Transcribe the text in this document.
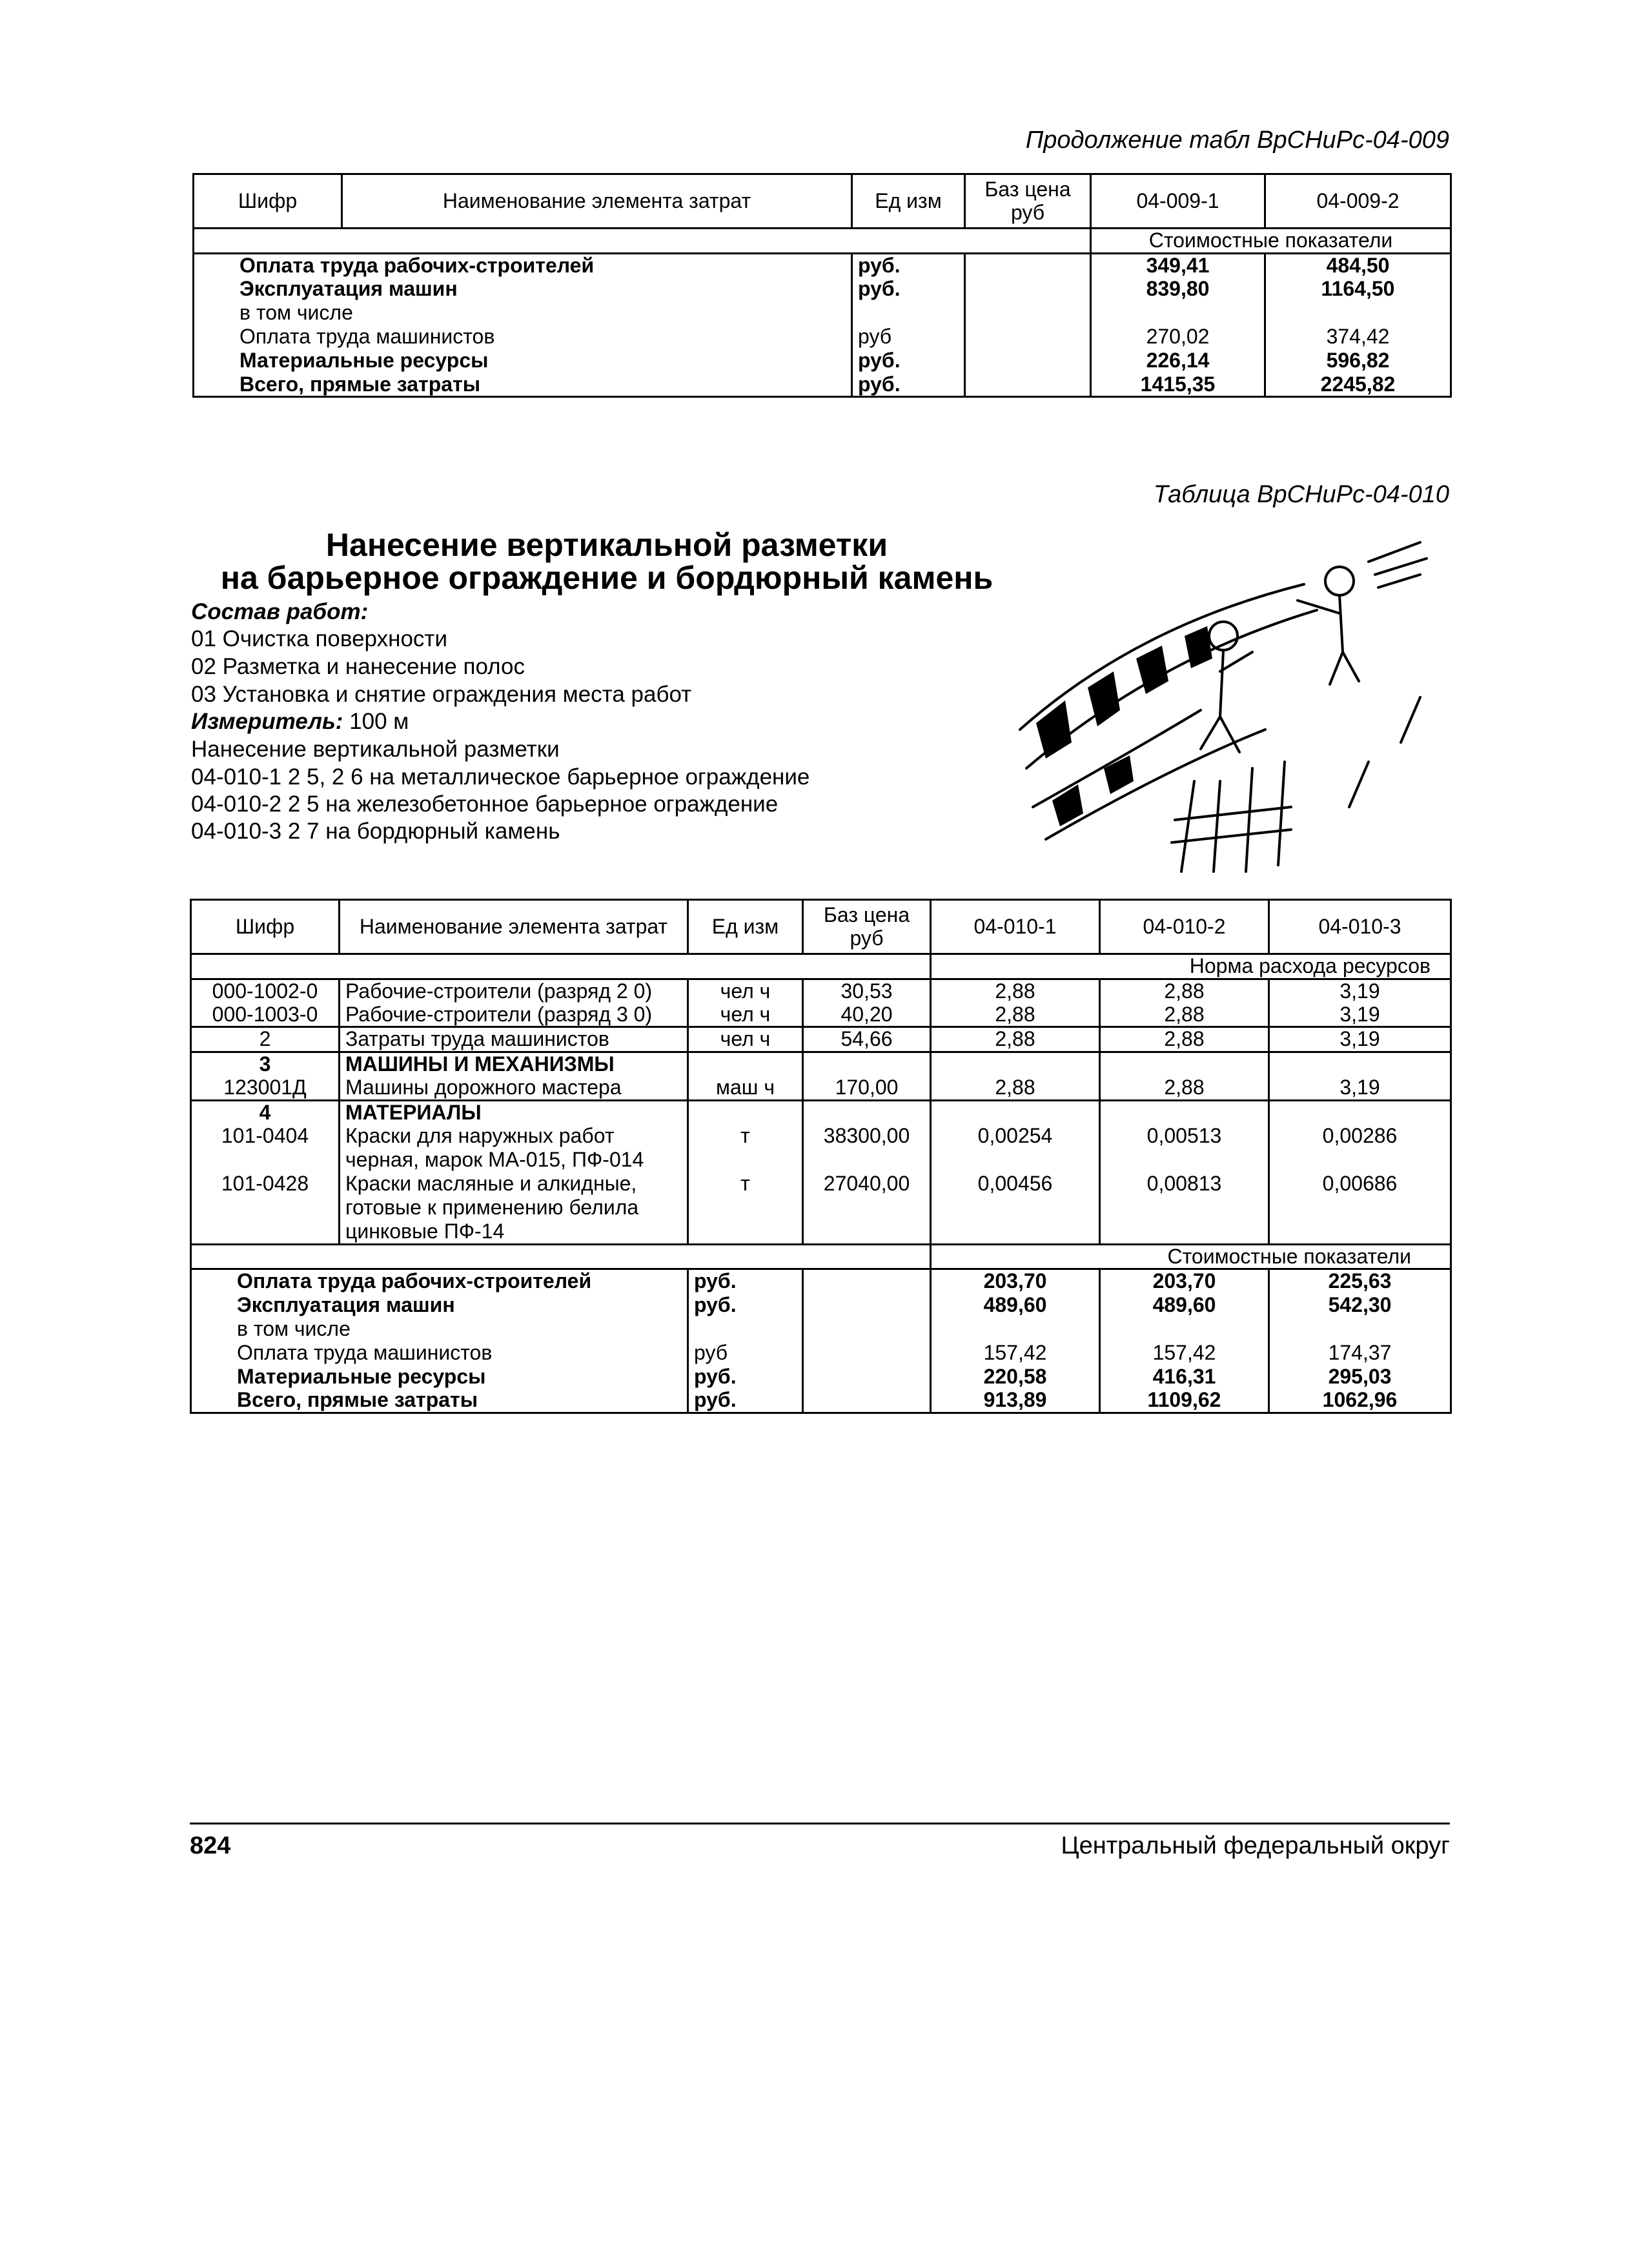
Продолжение табл ВрСНиРс-04-009
Шифр	Наименование элемента затрат	Ед изм	Баз цена руб	04-009-1	04-009-2
				Стоимостные показатели	
Оплата труда рабочих-строителей		руб.		349,41	484,50
Эксплуатация машин		руб.		839,80	1164,50
в том числе					
Оплата труда машинистов		руб		270,02	374,42
Материальные ресурсы		руб.		226,14	596,82
Всего, прямые затраты		руб.		1415,35	2245,82
Таблица ВрСНиРс-04-010
Нанесение вертикальной разметки
на барьерное ограждение и бордюрный камень
Состав работ:
01 Очистка поверхности
02 Разметка и нанесение полос
03 Установка и снятие ограждения места работ
Измеритель: 100 м
Нанесение вертикальной разметки
04-010-1 2 5, 2 6 на металлическое барьерное ограждение
04-010-2 2 5 на железобетонное барьерное ограждение
04-010-3 2 7 на бордюрный камень
Шифр	Наименование элемента затрат	Ед изм	Баз цена руб	04-010-1	04-010-2	04-010-3
				Норма расхода ресурсов		
000-1002-0	Рабочие-строители (разряд 2 0)	чел ч	30,53	2,88	2,88	3,19
000-1003-0	Рабочие-строители (разряд 3 0)	чел ч	40,20	2,88	2,88	3,19
2	Затраты труда машинистов	чел ч	54,66	2,88	2,88	3,19
3	МАШИНЫ И МЕХАНИЗМЫ					
123001Д	Машины дорожного мастера	маш ч	170,00	2,88	2,88	3,19
4	МАТЕРИАЛЫ					
101-0404	Краски для наружных работ	т	38300,00	0,00254	0,00513	0,00286
	черная, марок МА-015, ПФ-014					
101-0428	Краски масляные и алкидные,	т	27040,00	0,00456	0,00813	0,00686
	готовые к применению белила					
	цинковые ПФ-14					
				Стоимостные показатели		
Оплата труда рабочих-строителей		руб.		203,70	203,70	225,63
Эксплуатация машин		руб.		489,60	489,60	542,30
в том числе						
Оплата труда машинистов		руб		157,42	157,42	174,37
Материальные ресурсы		руб.		220,58	416,31	295,03
Всего, прямые затраты		руб.		913,89	1109,62	1062,96
824	Центральный федеральный округ
